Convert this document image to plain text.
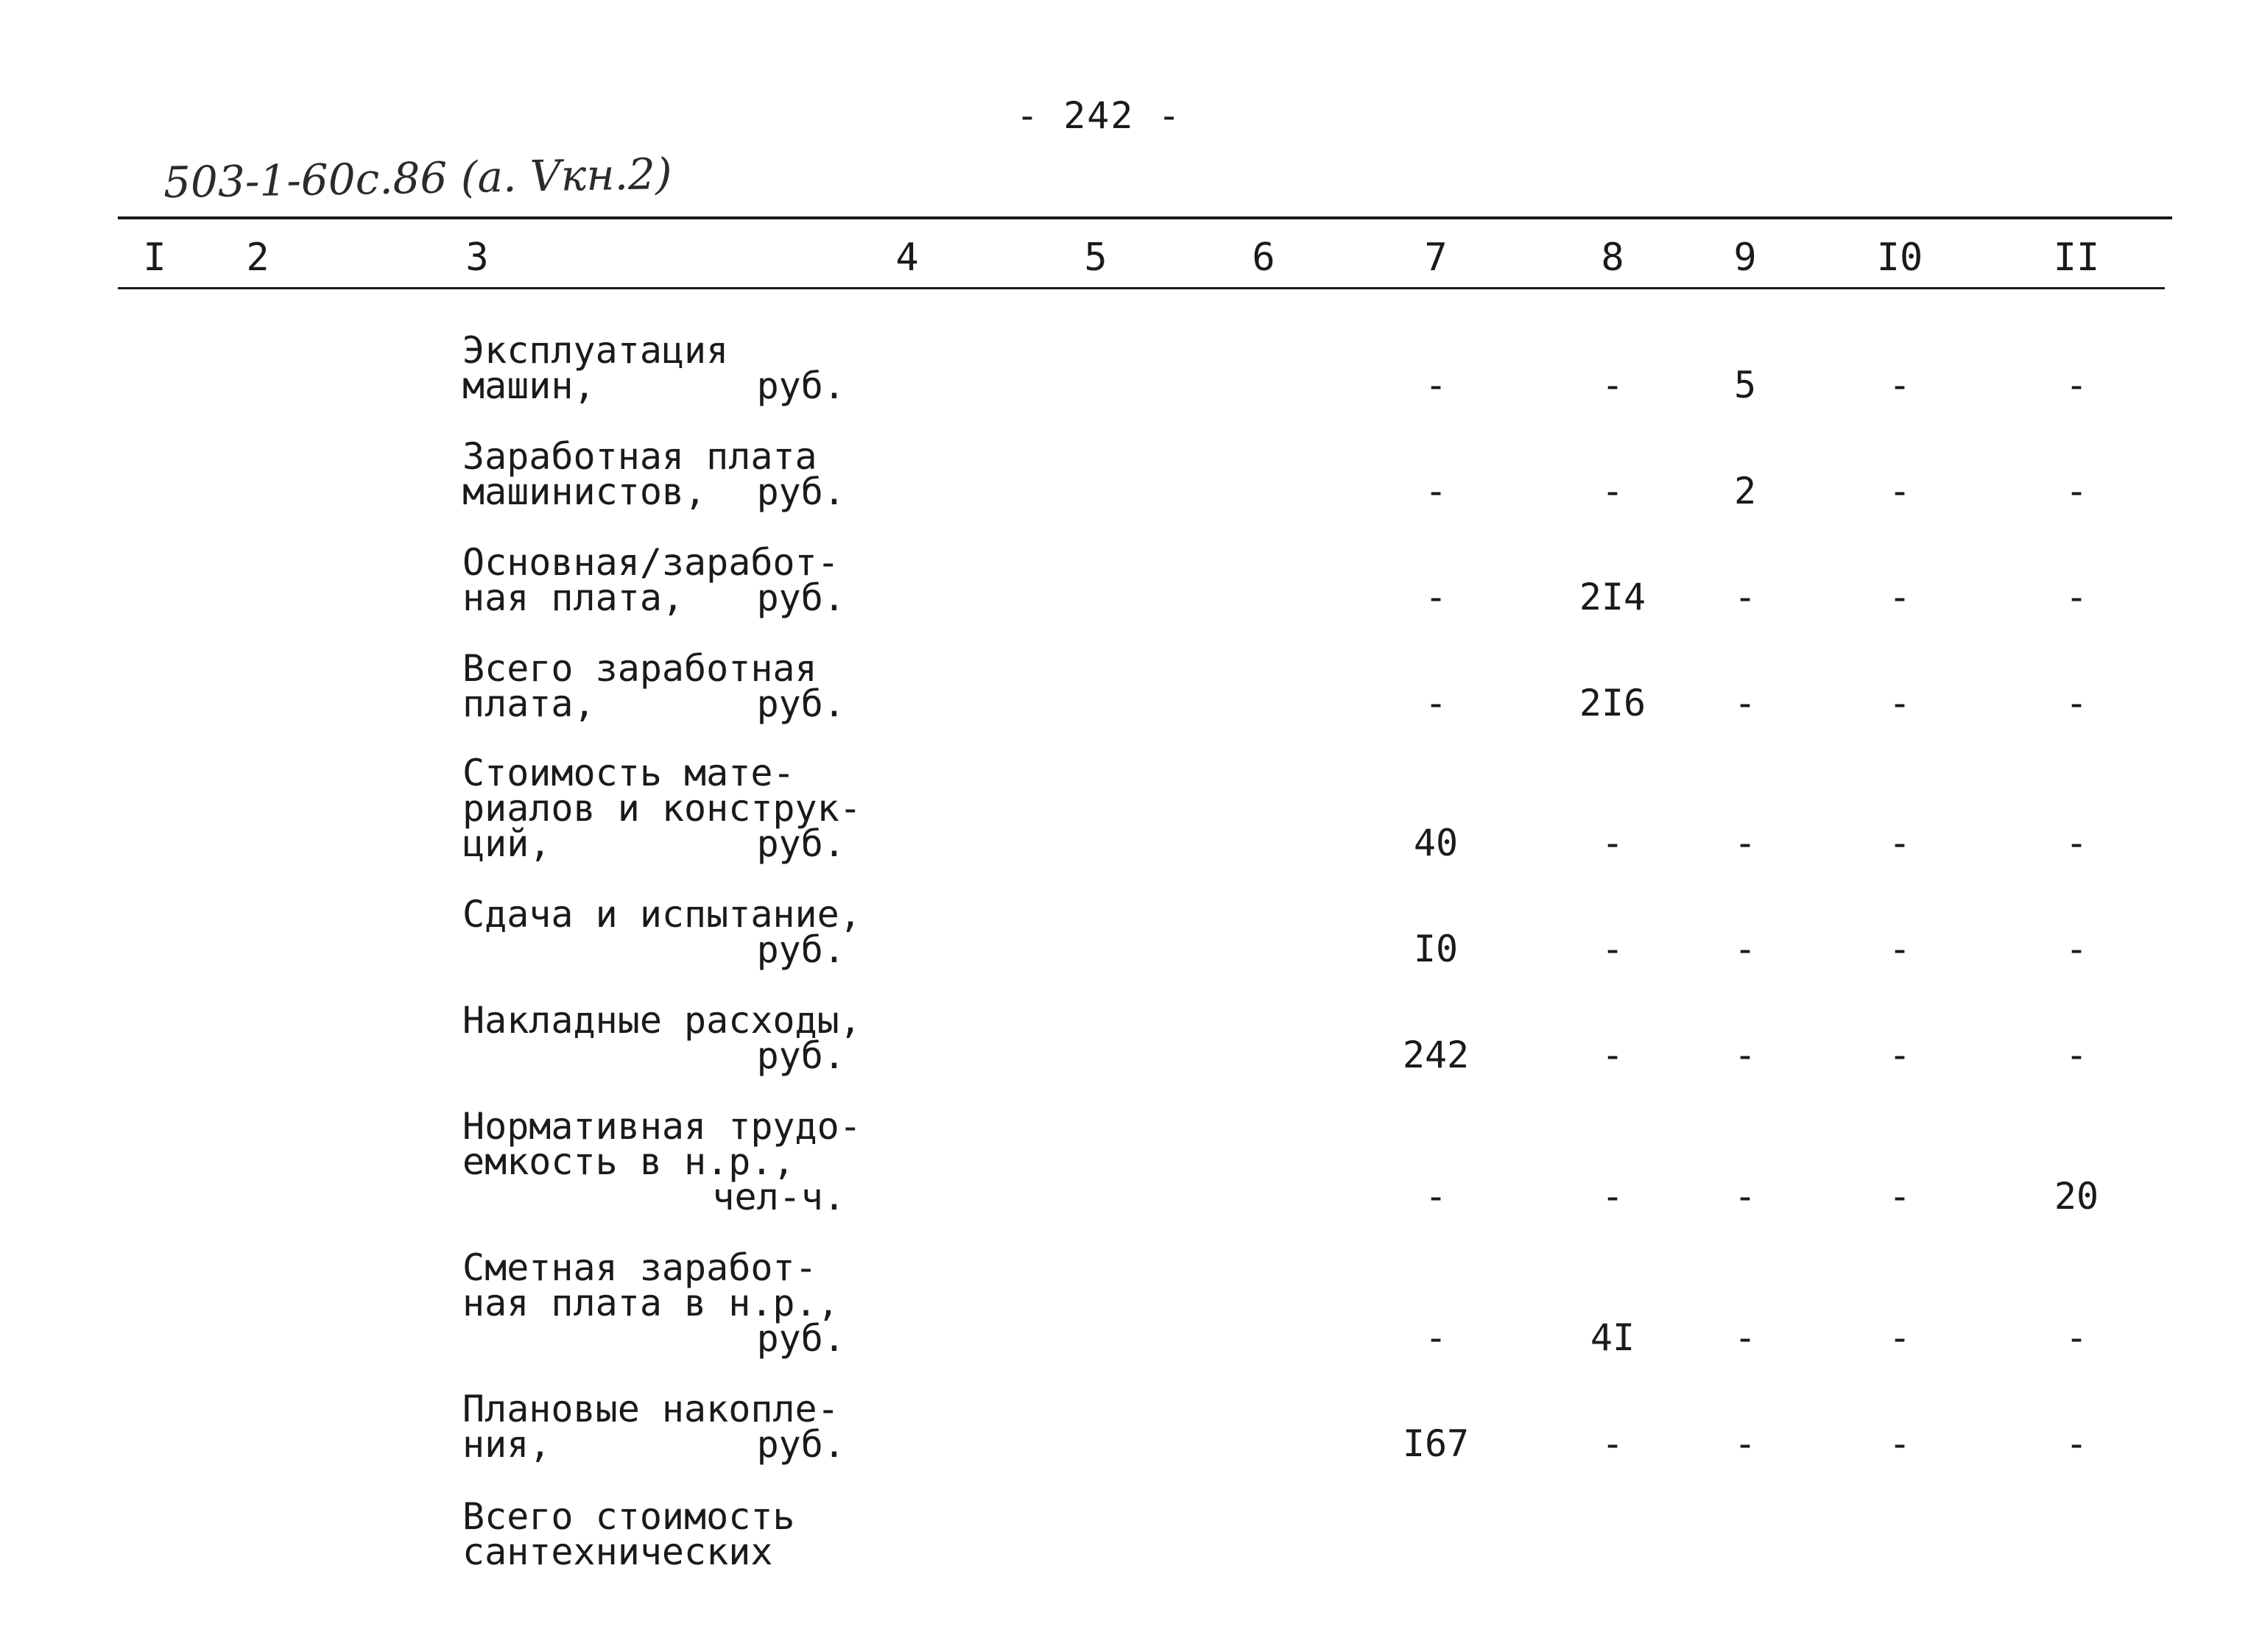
- 242 -
503-1-60с.86 (а. Vкн.2)
I	2	3	4	5	6	7	8	9	I0	II
Эксплуатация
машин,	руб.	-	-	5	-	-
Заработная плата
машинистов, руб.	-	-	2	-	-
Основная/заработ-
ная плата, руб.	-	2I4	-	-	-
Всего заработная
плата,	руб.	-	2I6	-	-	-
Стоимость мате-
риалов и конструк-
ций,	руб.	40	-	-	-	-
Сдача и испытание,
руб.	I0	-	-	-	-
Накладные расходы,
руб.	242	-	-	-	-
Нормативная трудо-
емкость в н.р.,
чел-ч.	-	-	-	-	20
Сметная заработ-
ная плата в н.р.,
руб.	-	4I	-	-	-
Плановые накопле-
ния,	руб.	I67	-	-	-	-
Всего стоимость
сантехнических
